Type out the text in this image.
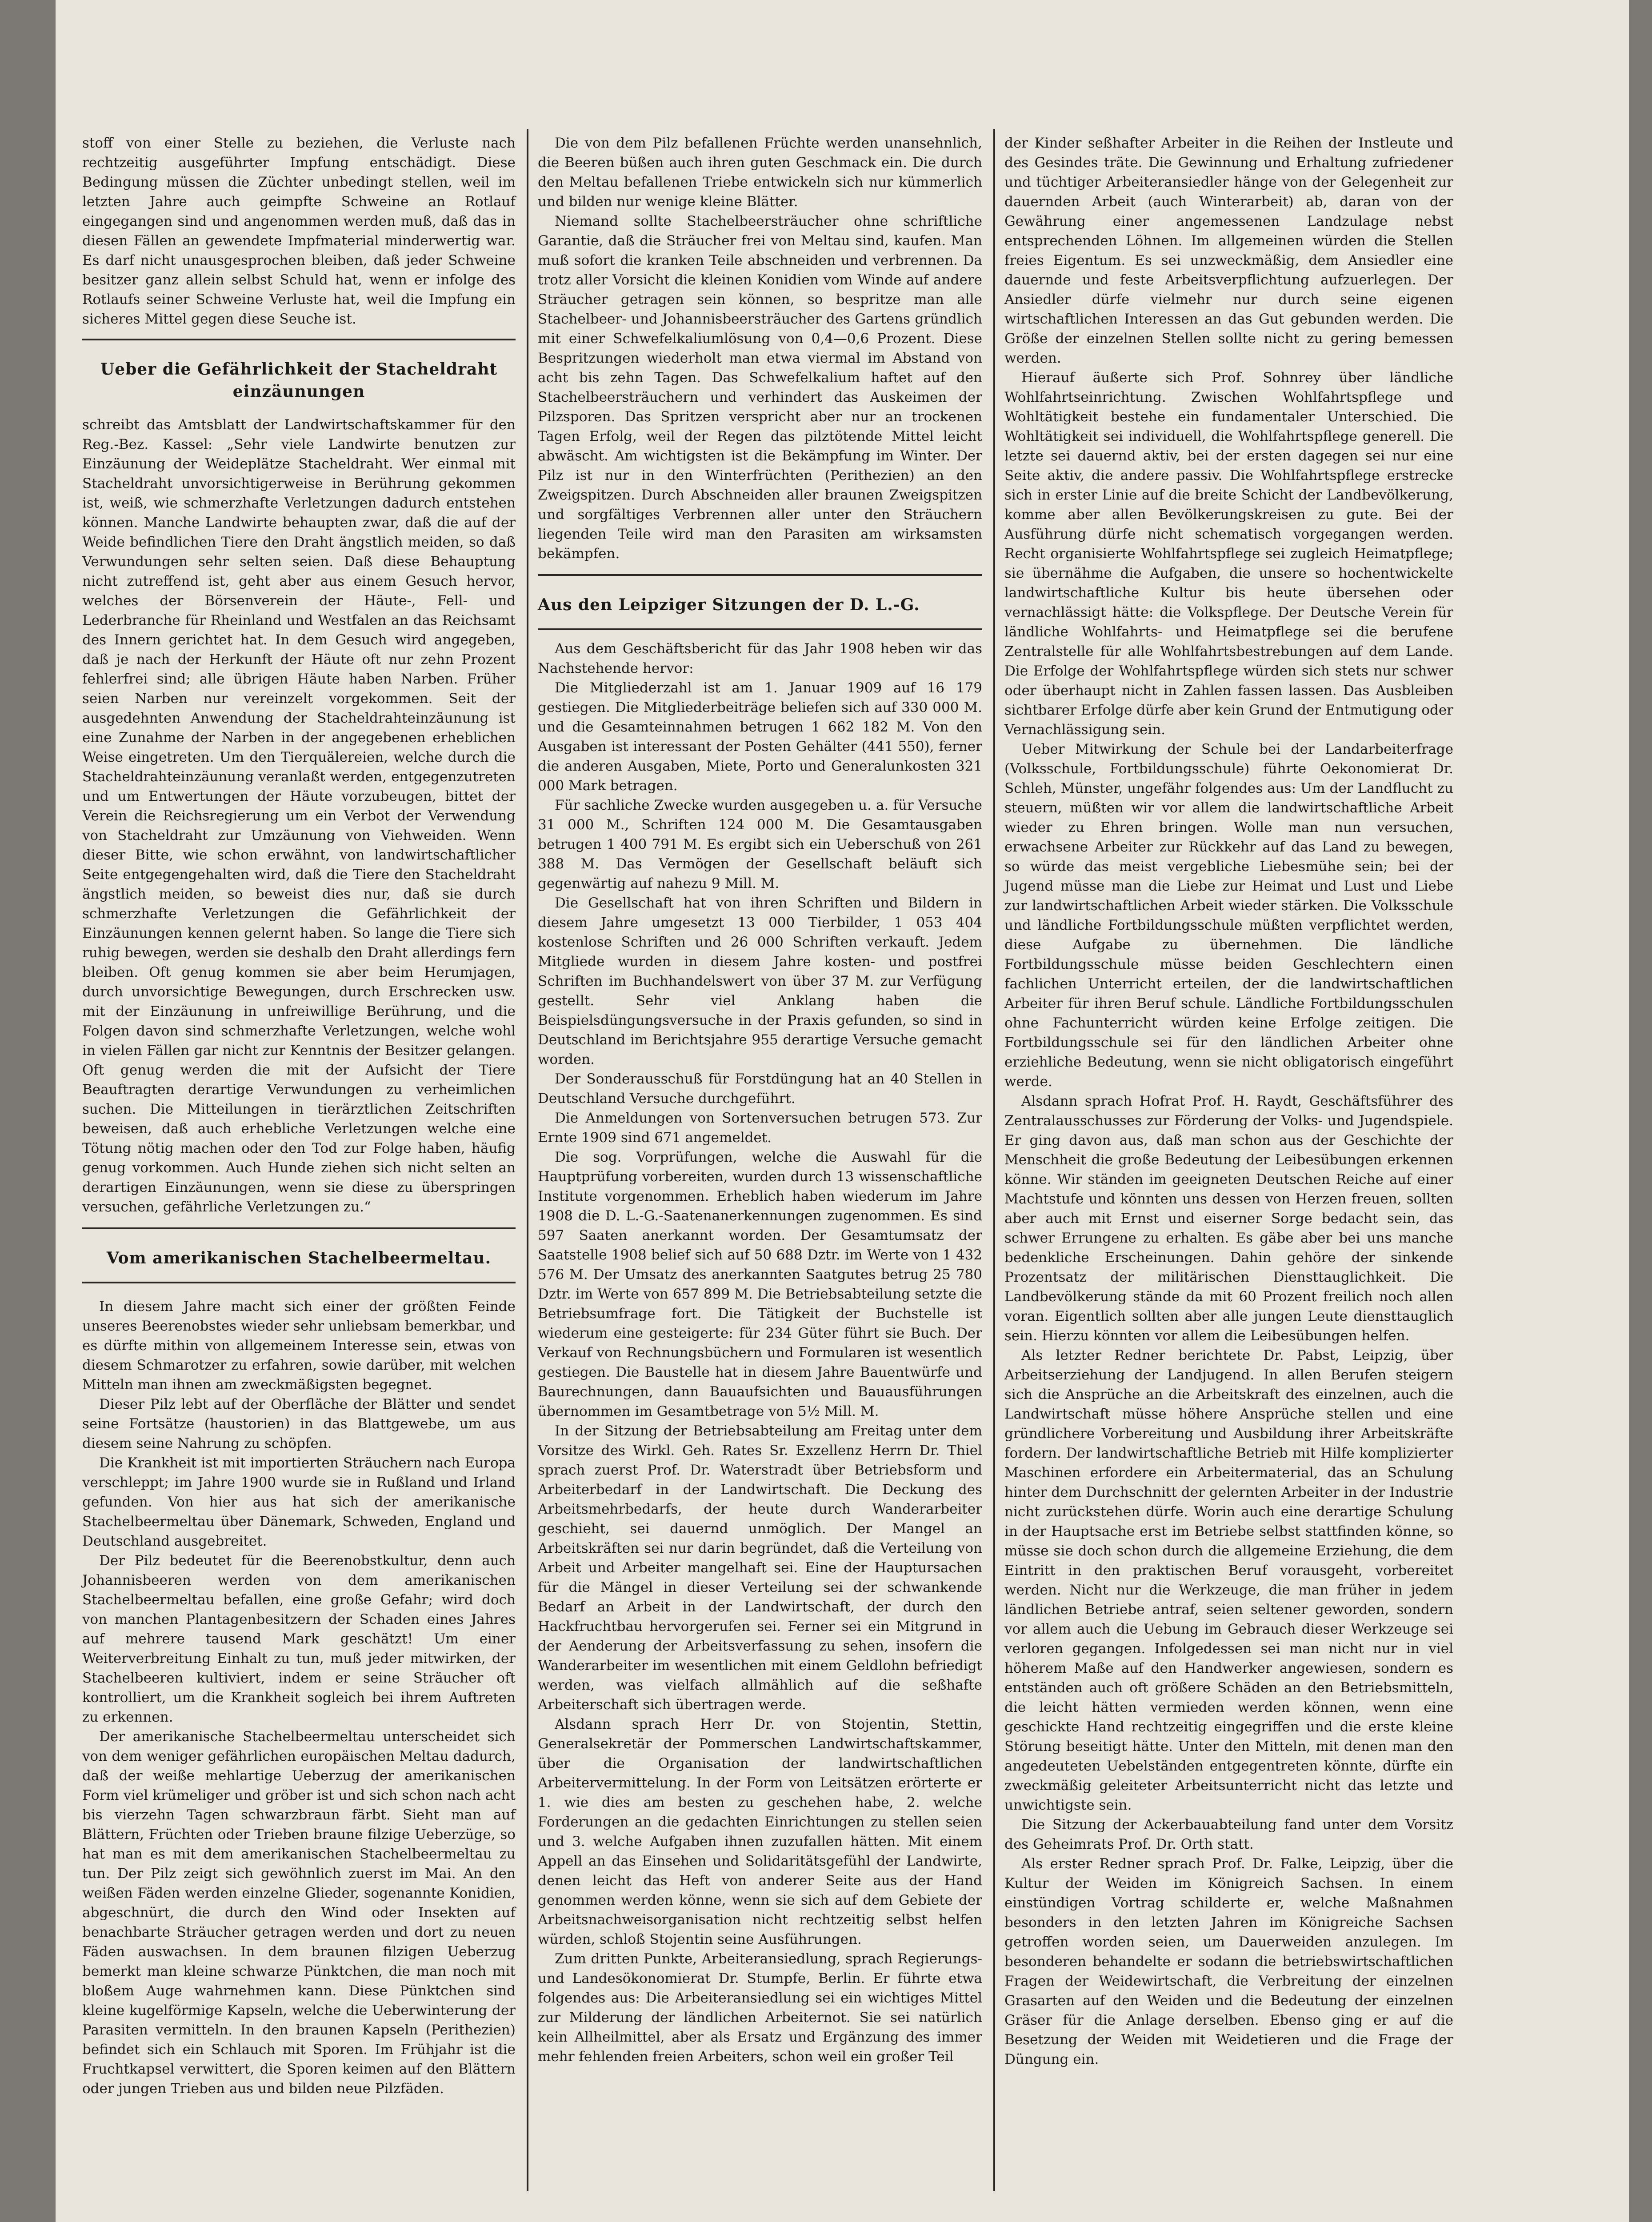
stoff von einer Stelle zu beziehen, die Verluste nach rechtzeitig ausgeführter Impfung entschädigt. Diese Bedingung müssen die Züchter unbedingt stellen, weil im letzten Jahre auch geimpfte Schweine an Rotlauf eingegangen sind und angenommen werden muß, daß das in diesen Fällen an gewendete Impfmaterial minderwertig war. Es darf nicht unausgesprochen bleiben, daß jeder Schweine besitzer ganz allein selbst Schuld hat, wenn er infolge des Rotlaufs seiner Schweine Verluste hat, weil die Impfung ein sicheres Mittel gegen diese Seuche ist.

Ueber die Gefährlichkeit der Stacheldraht einzäunungen

schreibt das Amtsblatt der Landwirtschaftskammer für den Reg.-Bez. Kassel: „Sehr viele Landwirte benutzen zur Einzäunung der Weideplätze Stacheldraht. Wer einmal mit Stacheldraht unvorsichtigerweise in Berührung gekommen ist, weiß, wie schmerzhafte Verletzungen dadurch entstehen können. Manche Landwirte behaupten zwar, daß die auf der Weide befindlichen Tiere den Draht ängstlich meiden, so daß Verwundungen sehr selten seien. Daß diese Behauptung nicht zutreffend ist, geht aber aus einem Gesuch hervor, welches der Börsenverein der Häute-, Fell- und Lederbranche für Rheinland und Westfalen an das Reichsamt des Innern gerichtet hat. In dem Gesuch wird angegeben, daß je nach der Herkunft der Häute oft nur zehn Prozent fehlerfrei sind; alle übrigen Häute haben Narben. Früher seien Narben nur vereinzelt vorgekommen. Seit der ausgedehnten Anwendung der Stacheldrahteinzäunung ist eine Zunahme der Narben in der angegebenen erheblichen Weise eingetreten. Um den Tierquälereien, welche durch die Stacheldrahteinzäunung veranlaßt werden, entgegenzutreten und um Entwertungen der Häute vorzubeugen, bittet der Verein die Reichsregierung um ein Verbot der Verwendung von Stacheldraht zur Umzäunung von Viehweiden. Wenn dieser Bitte, wie schon erwähnt, von landwirtschaftlicher Seite entgegengehalten wird, daß die Tiere den Stacheldraht ängstlich meiden, so beweist dies nur, daß sie durch schmerzhafte Verletzungen die Gefährlichkeit der Einzäunungen kennen gelernt haben. So lange die Tiere sich ruhig bewegen, werden sie deshalb den Draht allerdings fern bleiben. Oft genug kommen sie aber beim Herumjagen, durch unvorsichtige Bewegungen, durch Erschrecken usw. mit der Einzäunung in unfreiwillige Berührung, und die Folgen davon sind schmerzhafte Verletzungen, welche wohl in vielen Fällen gar nicht zur Kenntnis der Besitzer gelangen. Oft genug werden die mit der Aufsicht der Tiere Beauftragten derartige Verwundungen zu verheimlichen suchen. Die Mitteilungen in tierärztlichen Zeitschriften beweisen, daß auch erhebliche Verletzungen welche eine Tötung nötig machen oder den Tod zur Folge haben, häufig genug vorkommen. Auch Hunde ziehen sich nicht selten an derartigen Einzäunungen, wenn sie diese zu überspringen versuchen, gefährliche Verletzungen zu.“

Vom amerikanischen Stachelbeermeltau.

In diesem Jahre macht sich einer der größten Feinde unseres Beerenobstes wieder sehr unliebsam bemerkbar, und es dürfte mithin von allgemeinem Interesse sein, etwas von diesem Schmarotzer zu erfahren, sowie darüber, mit welchen Mitteln man ihnen am zweckmäßigsten begegnet.

Dieser Pilz lebt auf der Oberfläche der Blätter und sendet seine Fortsätze (haustorien) in das Blattgewebe, um aus diesem seine Nahrung zu schöpfen.

Die Krankheit ist mit importierten Sträuchern nach Europa verschleppt; im Jahre 1900 wurde sie in Rußland und Irland gefunden. Von hier aus hat sich der amerikanische Stachelbeermeltau über Dänemark, Schweden, England und Deutschland ausgebreitet.

Der Pilz bedeutet für die Beerenobstkultur, denn auch Johannisbeeren werden von dem amerikanischen Stachelbeermeltau befallen, eine große Gefahr; wird doch von manchen Plantagenbesitzern der Schaden eines Jahres auf mehrere tausend Mark geschätzt! Um einer Weiterverbreitung Einhalt zu tun, muß jeder mitwirken, der Stachelbeeren kultiviert, indem er seine Sträucher oft kontrolliert, um die Krankheit sogleich bei ihrem Auftreten zu erkennen.

Der amerikanische Stachelbeermeltau unterscheidet sich von dem weniger gefährlichen europäischen Meltau dadurch, daß der weiße mehlartige Ueberzug der amerikanischen Form viel krümeliger und gröber ist und sich schon nach acht bis vierzehn Tagen schwarzbraun färbt. Sieht man auf Blättern, Früchten oder Trieben braune filzige Ueberzüge, so hat man es mit dem amerikanischen Stachelbeermeltau zu tun. Der Pilz zeigt sich gewöhnlich zuerst im Mai. An den weißen Fäden werden einzelne Glieder, sogenannte Konidien, abgeschnürt, die durch den Wind oder Insekten auf benachbarte Sträucher getragen werden und dort zu neuen Fäden auswachsen. In dem braunen filzigen Ueberzug bemerkt man kleine schwarze Pünktchen, die man noch mit bloßem Auge wahrnehmen kann. Diese Pünktchen sind kleine kugelförmige Kapseln, welche die Ueberwinterung der Parasiten vermitteln. In den braunen Kapseln (Perithezien) befindet sich ein Schlauch mit Sporen. Im Frühjahr ist die Fruchtkapsel verwittert, die Sporen keimen auf den Blättern oder jungen Trieben aus und bilden neue Pilzfäden.

Die von dem Pilz befallenen Früchte werden unansehnlich, die Beeren büßen auch ihren guten Geschmack ein. Die durch den Meltau befallenen Triebe entwickeln sich nur kümmerlich und bilden nur wenige kleine Blätter.

Niemand sollte Stachelbeersträucher ohne schriftliche Garantie, daß die Sträucher frei von Meltau sind, kaufen. Man muß sofort die kranken Teile abschneiden und verbrennen. Da trotz aller Vorsicht die kleinen Konidien vom Winde auf andere Sträucher getragen sein können, so bespritze man alle Stachelbeer- und Johannisbeersträucher des Gartens gründlich mit einer Schwefelkaliumlösung von 0,4—0,6 Prozent. Diese Bespritzungen wiederholt man etwa viermal im Abstand von acht bis zehn Tagen. Das Schwefelkalium haftet auf den Stachelbeersträuchern und verhindert das Auskeimen der Pilzsporen. Das Spritzen verspricht aber nur an trockenen Tagen Erfolg, weil der Regen das pilztötende Mittel leicht abwäscht. Am wichtigsten ist die Bekämpfung im Winter. Der Pilz ist nur in den Winterfrüchten (Perithezien) an den Zweigspitzen. Durch Abschneiden aller braunen Zweigspitzen und sorgfältiges Verbrennen aller unter den Sträuchern liegenden Teile wird man den Parasiten am wirksamsten bekämpfen.

Aus den Leipziger Sitzungen der D. L.-G.

Aus dem Geschäftsbericht für das Jahr 1908 heben wir das Nachstehende hervor:

Die Mitgliederzahl ist am 1. Januar 1909 auf 16 179 gestiegen. Die Mitgliederbeiträge beliefen sich auf 330 000 M. und die Gesamteinnahmen betrugen 1 662 182 M. Von den Ausgaben ist interessant der Posten Gehälter (441 550), ferner die anderen Ausgaben, Miete, Porto und Generalunkosten 321 000 Mark betragen.

Für sachliche Zwecke wurden ausgegeben u. a. für Versuche 31 000 M., Schriften 124 000 M. Die Gesamtausgaben betrugen 1 400 791 M. Es ergibt sich ein Ueberschuß von 261 388 M. Das Vermögen der Gesellschaft beläuft sich gegenwärtig auf nahezu 9 Mill. M.

Die Gesellschaft hat von ihren Schriften und Bildern in diesem Jahre umgesetzt 13 000 Tierbilder, 1 053 404 kostenlose Schriften und 26 000 Schriften verkauft. Jedem Mitgliede wurden in diesem Jahre kosten- und postfrei Schriften im Buchhandelswert von über 37 M. zur Verfügung gestellt. Sehr viel Anklang haben die Beispielsdüngungsversuche in der Praxis gefunden, so sind in Deutschland im Berichtsjahre 955 derartige Versuche gemacht worden.

Der Sonderausschuß für Forstdüngung hat an 40 Stellen in Deutschland Versuche durchgeführt.

Die Anmeldungen von Sortenversuchen betrugen 573. Zur Ernte 1909 sind 671 angemeldet.

Die sog. Vorprüfungen, welche die Auswahl für die Hauptprüfung vorbereiten, wurden durch 13 wissenschaftliche Institute vorgenommen. Erheblich haben wiederum im Jahre 1908 die D. L.-G.-Saatenanerkennungen zugenommen. Es sind 597 Saaten anerkannt worden. Der Gesamtumsatz der Saatstelle 1908 belief sich auf 50 688 Dztr. im Werte von 1 432 576 M. Der Umsatz des anerkannten Saatgutes betrug 25 780 Dztr. im Werte von 657 899 M. Die Betriebsabteilung setzte die Betriebsumfrage fort. Die Tätigkeit der Buchstelle ist wiederum eine gesteigerte: für 234 Güter führt sie Buch. Der Verkauf von Rechnungsbüchern und Formularen ist wesentlich gestiegen. Die Baustelle hat in diesem Jahre Bauentwürfe und Baurechnungen, dann Bauaufsichten und Bauausführungen übernommen im Gesamtbetrage von 5½ Mill. M.

In der Sitzung der Betriebsabteilung am Freitag unter dem Vorsitze des Wirkl. Geh. Rates Sr. Exzellenz Herrn Dr. Thiel sprach zuerst Prof. Dr. Waterstradt über Betriebsform und Arbeiterbedarf in der Landwirtschaft. Die Deckung des Arbeitsmehrbedarfs, der heute durch Wanderarbeiter geschieht, sei dauernd unmöglich. Der Mangel an Arbeitskräften sei nur darin begründet, daß die Verteilung von Arbeit und Arbeiter mangelhaft sei. Eine der Hauptursachen für die Mängel in dieser Verteilung sei der schwankende Bedarf an Arbeit in der Landwirtschaft, der durch den Hackfruchtbau hervorgerufen sei. Ferner sei ein Mitgrund in der Aenderung der Arbeitsverfassung zu sehen, insofern die Wanderarbeiter im wesentlichen mit einem Geldlohn befriedigt werden, was vielfach allmählich auf die seßhafte Arbeiterschaft sich übertragen werde.

Alsdann sprach Herr Dr. von Stojentin, Stettin, Generalsekretär der Pommerschen Landwirtschaftskammer, über die Organisation der landwirtschaftlichen Arbeitervermittelung. In der Form von Leitsätzen erörterte er 1. wie dies am besten zu geschehen habe, 2. welche Forderungen an die gedachten Einrichtungen zu stellen seien und 3. welche Aufgaben ihnen zuzufallen hätten. Mit einem Appell an das Einsehen und Solidaritätsgefühl der Landwirte, denen leicht das Heft von anderer Seite aus der Hand genommen werden könne, wenn sie sich auf dem Gebiete der Arbeitsnachweisorganisation nicht rechtzeitig selbst helfen würden, schloß Stojentin seine Ausführungen.

Zum dritten Punkte, Arbeiteransiedlung, sprach Regierungs- und Landesökonomierat Dr. Stumpfe, Berlin. Er führte etwa folgendes aus: Die Arbeiteransiedlung sei ein wichtiges Mittel zur Milderung der ländlichen Arbeiternot. Sie sei natürlich kein Allheilmittel, aber als Ersatz und Ergänzung des immer mehr fehlenden freien Arbeiters, schon weil ein großer Teil

der Kinder seßhafter Arbeiter in die Reihen der Instleute und des Gesindes träte. Die Gewinnung und Erhaltung zufriedener und tüchtiger Arbeiteransiedler hänge von der Gelegenheit zur dauernden Arbeit (auch Winterarbeit) ab, daran von der Gewährung einer angemessenen Landzulage nebst entsprechenden Löhnen. Im allgemeinen würden die Stellen freies Eigentum. Es sei unzweckmäßig, dem Ansiedler eine dauernde und feste Arbeitsverpflichtung aufzuerlegen. Der Ansiedler dürfe vielmehr nur durch seine eigenen wirtschaftlichen Interessen an das Gut gebunden werden. Die Größe der einzelnen Stellen sollte nicht zu gering bemessen werden.

Hierauf äußerte sich Prof. Sohnrey über ländliche Wohlfahrtseinrichtung. Zwischen Wohlfahrtspflege und Wohltätigkeit bestehe ein fundamentaler Unterschied. Die Wohltätigkeit sei individuell, die Wohlfahrtspflege generell. Die letzte sei dauernd aktiv, bei der ersten dagegen sei nur eine Seite aktiv, die andere passiv. Die Wohlfahrtspflege erstrecke sich in erster Linie auf die breite Schicht der Landbevölkerung, komme aber allen Bevölkerungskreisen zu gute. Bei der Ausführung dürfe nicht schematisch vorgegangen werden. Recht organisierte Wohlfahrtspflege sei zugleich Heimatpflege; sie übernähme die Aufgaben, die unsere so hochentwickelte landwirtschaftliche Kultur bis heute übersehen oder vernachlässigt hätte: die Volkspflege. Der Deutsche Verein für ländliche Wohlfahrts- und Heimatpflege sei die berufene Zentralstelle für alle Wohlfahrtsbestrebungen auf dem Lande. Die Erfolge der Wohlfahrtspflege würden sich stets nur schwer oder überhaupt nicht in Zahlen fassen lassen. Das Ausbleiben sichtbarer Erfolge dürfe aber kein Grund der Entmutigung oder Vernachlässigung sein.

Ueber Mitwirkung der Schule bei der Landarbeiterfrage (Volksschule, Fortbildungsschule) führte Oekonomierat Dr. Schleh, Münster, ungefähr folgendes aus: Um der Landflucht zu steuern, müßten wir vor allem die landwirtschaftliche Arbeit wieder zu Ehren bringen. Wolle man nun versuchen, erwachsene Arbeiter zur Rückkehr auf das Land zu bewegen, so würde das meist vergebliche Liebesmühe sein; bei der Jugend müsse man die Liebe zur Heimat und Lust und Liebe zur landwirtschaftlichen Arbeit wieder stärken. Die Volksschule und ländliche Fortbildungsschule müßten verpflichtet werden, diese Aufgabe zu übernehmen. Die ländliche Fortbildungsschule müsse beiden Geschlechtern einen fachlichen Unterricht erteilen, der die landwirtschaftlichen Arbeiter für ihren Beruf schule. Ländliche Fortbildungsschulen ohne Fachunterricht würden keine Erfolge zeitigen. Die Fortbildungsschule sei für den ländlichen Arbeiter ohne erziehliche Bedeutung, wenn sie nicht obligatorisch eingeführt werde.

Alsdann sprach Hofrat Prof. H. Raydt, Geschäftsführer des Zentralausschusses zur Förderung der Volks- und Jugendspiele. Er ging davon aus, daß man schon aus der Geschichte der Menschheit die große Bedeutung der Leibesübungen erkennen könne. Wir ständen im geeigneten Deutschen Reiche auf einer Machtstufe und könnten uns dessen von Herzen freuen, sollten aber auch mit Ernst und eiserner Sorge bedacht sein, das schwer Errungene zu erhalten. Es gäbe aber bei uns manche bedenkliche Erscheinungen. Dahin gehöre der sinkende Prozentsatz der militärischen Diensttauglichkeit. Die Landbevölkerung stände da mit 60 Prozent freilich noch allen voran. Eigentlich sollten aber alle jungen Leute diensttauglich sein. Hierzu könnten vor allem die Leibesübungen helfen.

Als letzter Redner berichtete Dr. Pabst, Leipzig, über Arbeitserziehung der Landjugend. In allen Berufen steigern sich die Ansprüche an die Arbeitskraft des einzelnen, auch die Landwirtschaft müsse höhere Ansprüche stellen und eine gründlichere Vorbereitung und Ausbildung ihrer Arbeitskräfte fordern. Der landwirtschaftliche Betrieb mit Hilfe komplizierter Maschinen erfordere ein Arbeitermaterial, das an Schulung hinter dem Durchschnitt der gelernten Arbeiter in der Industrie nicht zurückstehen dürfe. Worin auch eine derartige Schulung in der Hauptsache erst im Betriebe selbst stattfinden könne, so müsse sie doch schon durch die allgemeine Erziehung, die dem Eintritt in den praktischen Beruf vorausgeht, vorbereitet werden. Nicht nur die Werkzeuge, die man früher in jedem ländlichen Betriebe antraf, seien seltener geworden, sondern vor allem auch die Uebung im Gebrauch dieser Werkzeuge sei verloren gegangen. Infolgedessen sei man nicht nur in viel höherem Maße auf den Handwerker angewiesen, sondern es entständen auch oft größere Schäden an den Betriebsmitteln, die leicht hätten vermieden werden können, wenn eine geschickte Hand rechtzeitig eingegriffen und die erste kleine Störung beseitigt hätte. Unter den Mitteln, mit denen man den angedeuteten Uebelständen entgegentreten könnte, dürfte ein zweckmäßig geleiteter Arbeitsunterricht nicht das letzte und unwichtigste sein.

Die Sitzung der Ackerbauabteilung fand unter dem Vorsitz des Geheimrats Prof. Dr. Orth statt.

Als erster Redner sprach Prof. Dr. Falke, Leipzig, über die Kultur der Weiden im Königreich Sachsen. In einem einstündigen Vortrag schilderte er, welche Maßnahmen besonders in den letzten Jahren im Königreiche Sachsen getroffen worden seien, um Dauerweiden anzulegen. Im besonderen behandelte er sodann die betriebswirtschaftlichen Fragen der Weidewirtschaft, die Verbreitung der einzelnen Grasarten auf den Weiden und die Bedeutung der einzelnen Gräser für die Anlage derselben. Ebenso ging er auf die Besetzung der Weiden mit Weidetieren und die Frage der Düngung ein.
